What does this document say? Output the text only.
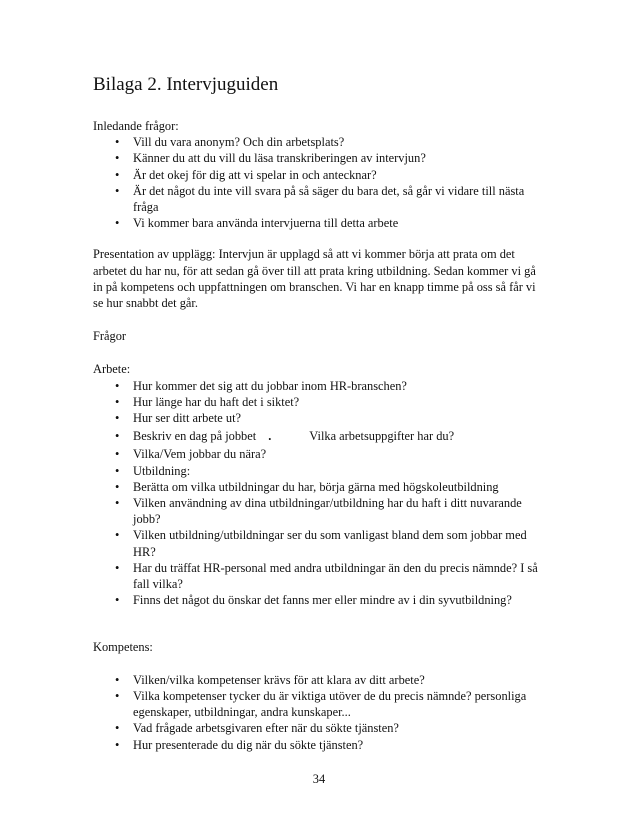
Bilaga 2. Intervjuguiden

Inledande frågor:

• Vill du vara anonym? Och din arbetsplats?
• Känner du att du vill du läsa transkriberingen av intervjun?
• Är det okej för dig att vi spelar in och antecknar?
• Är det något du inte vill svara på så säger du bara det, så går vi vidare till nästa fråga
• Vi kommer bara använda intervjuerna till detta arbete

Presentation av upplägg: Intervjun är upplagd så att vi kommer börja att prata om det arbetet du har nu, för att sedan gå över till att prata kring utbildning. Sedan kommer vi gå in på kompetens och uppfattningen om branschen. Vi har en knapp timme på oss så får vi se hur snabbt det går.

Frågor

Arbete:

• Hur kommer det sig att du jobbar inom HR-branschen?
• Hur länge har du haft det i siktet?
• Hur ser ditt arbete ut?
• Beskriv en dag på jobbet .	Vilka arbetsuppgifter har du?
• Vilka/Vem jobbar du nära?
• Utbildning:
• Berätta om vilka utbildningar du har, börja gärna med högskoleutbildning
• Vilken användning av dina utbildningar/utbildning har du haft i ditt nuvarande jobb?
• Vilken utbildning/utbildningar ser du som vanligast bland dem som jobbar med HR?
• Har du träffat HR-personal med andra utbildningar än den du precis nämnde? I så fall vilka?
• Finns det något du önskar det fanns mer eller mindre av i din syvutbildning?

Kompetens:

• Vilken/vilka kompetenser krävs för att klara av ditt arbete?
• Vilka kompetenser tycker du är viktiga utöver de du precis nämnde? personliga egenskaper, utbildningar, andra kunskaper...
• Vad frågade arbetsgivaren efter när du sökte tjänsten?
• Hur presenterade du dig när du sökte tjänsten?
34
